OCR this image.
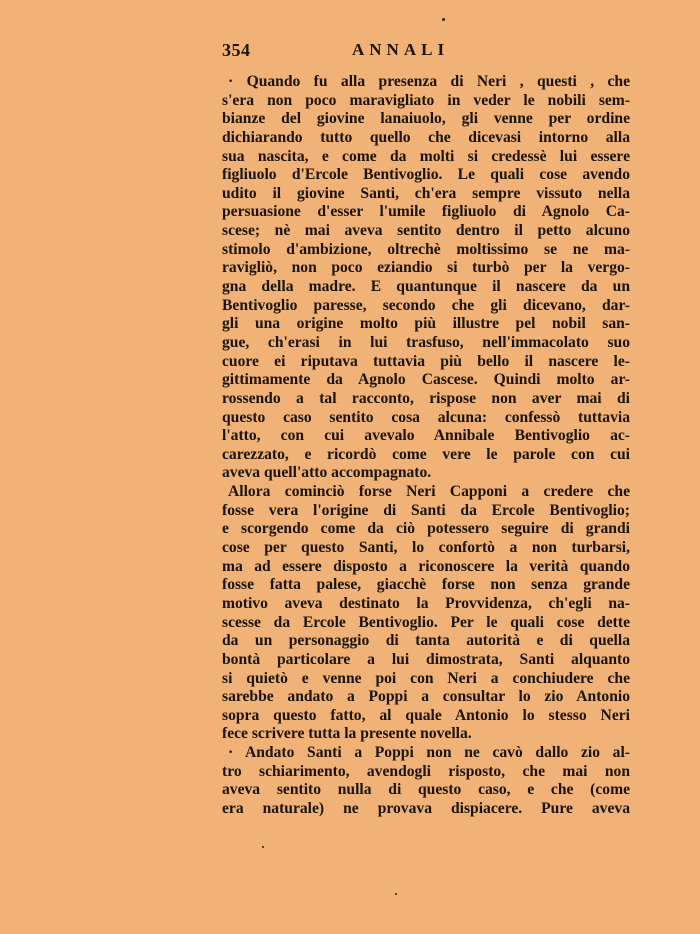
354	ANNALI
· Quando fu alla presenza di Neri , questi , che
s'era non poco maravigliato in veder le nobili sem-
bianze del giovine lanaiuolo, gli venne per ordine
dichiarando tutto quello che dicevasi intorno alla
sua nascita, e come da molti si credessè lui essere
figliuolo d'Ercole Bentivoglio. Le quali cose avendo
udito il giovine Santi, ch'era sempre vissuto nella
persuasione d'esser l'umile figliuolo di Agnolo Ca-
scese; nè mai aveva sentito dentro il petto alcuno
stimolo d'ambizione, oltrechè moltissimo se ne ma-
ravigliò, non poco eziandio si turbò per la vergo-
gna della madre. E quantunque il nascere da un
Bentivoglio paresse, secondo che gli dicevano, dar-
gli una origine molto più illustre pel nobil san-
gue, ch'erasi in lui trasfuso, nell'immacolato suo
cuore ei riputava tuttavia più bello il nascere le-
gittimamente da Agnolo Cascese. Quindi molto ar-
rossendo a tal racconto, rispose non aver mai di
questo caso sentito cosa alcuna: confessò tuttavia
l'atto, con cui avevalo Annibale Bentivoglio ac-
carezzato, e ricordò come vere le parole con cui
aveva quell'atto accompagnato.
Allora cominciò forse Neri Capponi a credere che
fosse vera l'origine di Santi da Ercole Bentivoglio;
e scorgendo come da ciò potessero seguire di grandi
cose per questo Santi, lo confortò a non turbarsi,
ma ad essere disposto a riconoscere la verità quando
fosse fatta palese, giacchè forse non senza grande
motivo aveva destinato la Provvidenza, ch'egli na-
scesse da Ercole Bentivoglio. Per le quali cose dette
da un personaggio di tanta autorità e di quella
bontà particolare a lui dimostrata, Santi alquanto
si quietò e venne poi con Neri a conchiudere che
sarebbe andato a Poppi a consultar lo zio Antonio
sopra questo fatto, al quale Antonio lo stesso Neri
fece scrivere tutta la presente novella.
· Andato Santi a Poppi non ne cavò dallo zio al-
tro schiarimento, avendogli risposto, che mai non
aveva sentito nulla di questo caso, e che (come
era naturale) ne provava dispiacere. Pure aveva
